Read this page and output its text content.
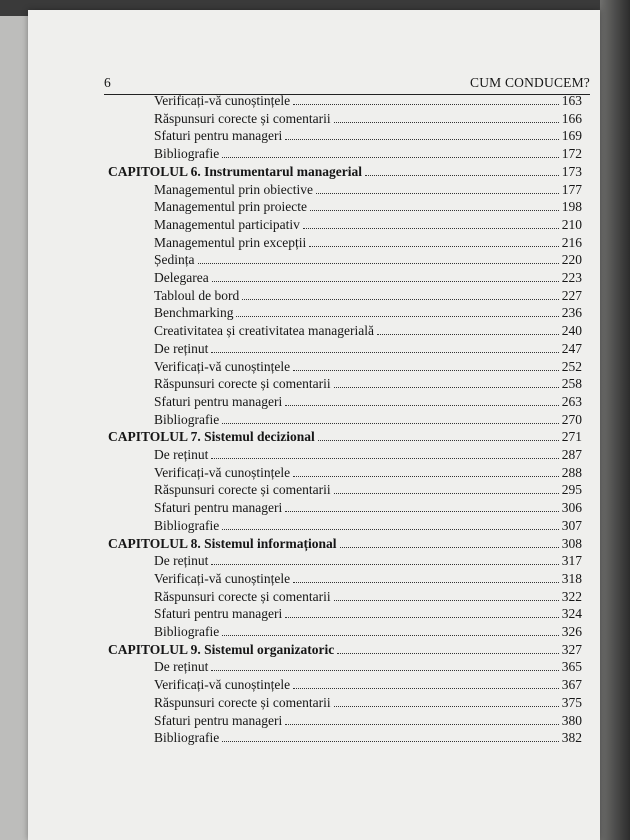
6	CUM CONDUCEM?
Verificați-vă cunoștințele	163
Răspunsuri corecte și comentarii	166
Sfaturi pentru manageri	169
Bibliografie	172
CAPITOLUL 6. Instrumentarul managerial	173
Managementul prin obiective	177
Managementul prin proiecte	198
Managementul participativ	210
Managementul prin excepții	216
Ședința	220
Delegarea	223
Tabloul de bord	227
Benchmarking	236
Creativitatea și creativitatea managerială	240
De reținut	247
Verificați-vă cunoștințele	252
Răspunsuri corecte și comentarii	258
Sfaturi pentru manageri	263
Bibliografie	270
CAPITOLUL 7. Sistemul decizional	271
De reținut	287
Verificați-vă cunoștințele	288
Răspunsuri corecte și comentarii	295
Sfaturi pentru manageri	306
Bibliografie	307
CAPITOLUL 8. Sistemul informațional	308
De reținut	317
Verificați-vă cunoștințele	318
Răspunsuri corecte și comentarii	322
Sfaturi pentru manageri	324
Bibliografie	326
CAPITOLUL 9. Sistemul organizatoric	327
De reținut	365
Verificați-vă cunoștințele	367
Răspunsuri corecte și comentarii	375
Sfaturi pentru manageri	380
Bibliografie	382
